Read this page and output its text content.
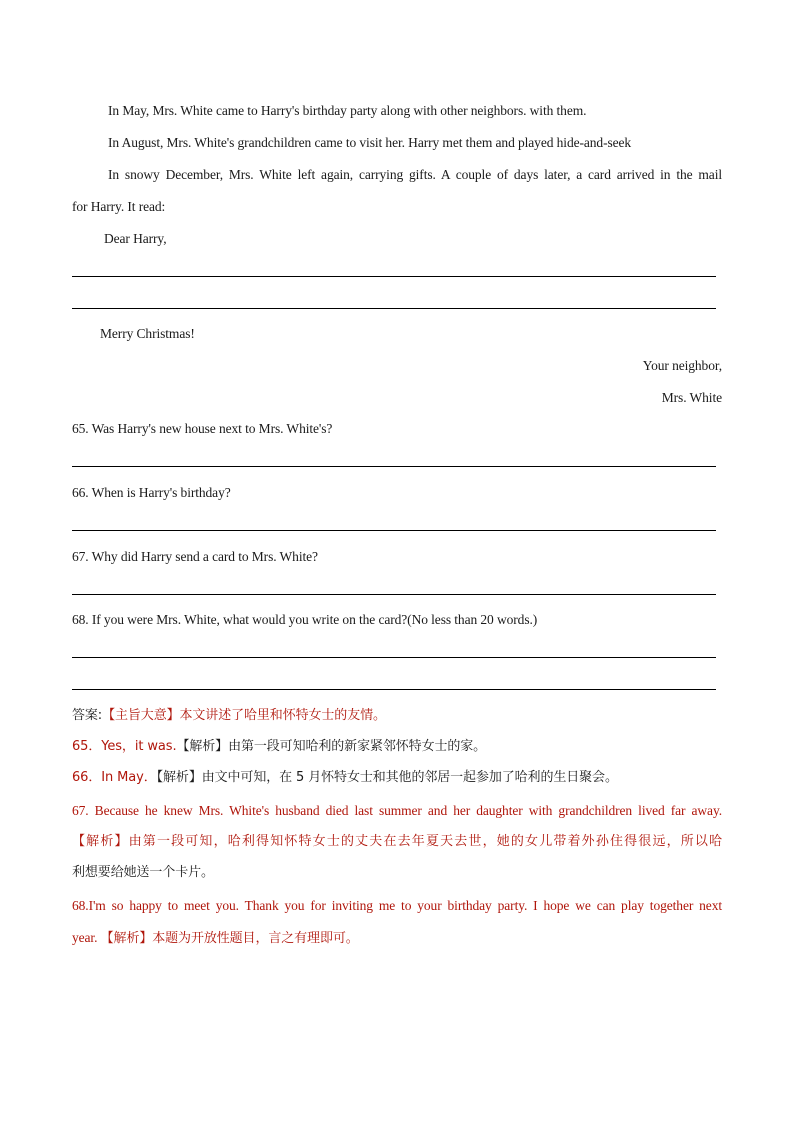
In May, Mrs. White came to Harry's birthday party along with other neighbors. with them.
In August, Mrs. White's grandchildren came to visit her. Harry met them and played hide-and-seek
In snowy December, Mrs. White left again, carrying gifts. A couple of days later, a card arrived in the mail
for Harry. It read:
Dear Harry,
Merry Christmas!
Your neighbor,
Mrs. White
65. Was Harry's new house next to Mrs. White's?
66. When is Harry's birthday?
67. Why did Harry send a card to Mrs. White?
68. If you were Mrs. White, what would you write on the card?(No less than 20 words.)
答案:【主旨大意】本文讲述了哈里和怀特女士的友情。
65．Yes，it was.【解析】由第一段可知哈利的新家紧邻怀特女士的家。
66．In May．【解析】由文中可知，在 5 月怀特女士和其他的邻居一起参加了哈利的生日聚会。
67. Because he knew Mrs. White's husband died last summer and her daughter with grandchildren lived far away.
【解析】由第一段可知，哈利得知怀特女士的丈夫在去年夏天去世，她的女儿带着外孙住得很远，所以哈
利想要给她送一个卡片。
68.I'm so happy to meet you. Thank you for inviting me to your birthday party. I hope we can play together next
year. 【解析】本题为开放性题目，言之有理即可。
